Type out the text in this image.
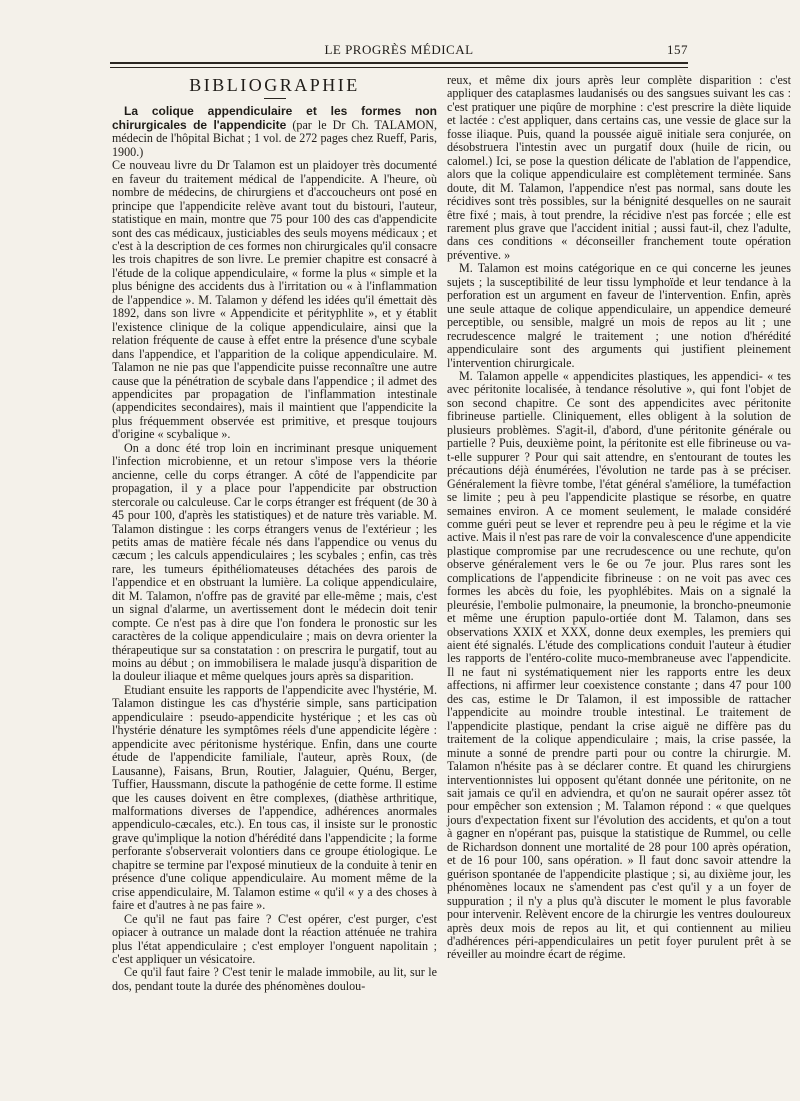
LE PROGRÈS MÉDICAL	157
BIBLIOGRAPHIE

La colique appendiculaire et les formes non chirurgicales de l'appendicite (par le Dr Ch. TALAMON, médecin de l'hôpital Bichat ; 1 vol. de 272 pages chez Rueff, Paris, 1900.)

Ce nouveau livre du Dr Talamon est un plaidoyer très documenté en faveur du traitement médical de l'appendicite. A l'heure, où nombre de médecins, de chirurgiens et d'accoucheurs ont posé en principe que l'appendicite relève avant tout du bistouri, l'auteur, statistique en main, montre que 75 pour 100 des cas d'appendicite sont des cas médicaux, justiciables des seuls moyens médicaux ; et c'est à la description de ces formes non chirurgicales qu'il consacre les trois chapitres de son livre. Le premier chapitre est consacré à l'étude de la colique appendiculaire, « forme la plus « simple et la plus bénigne des accidents dus à l'irritation ou « à l'inflammation de l'appendice ». M. Talamon y défend les idées qu'il émettait dès 1892, dans son livre « Appendicite et pérityphlite », et y établit l'existence clinique de la colique appendiculaire, ainsi que la relation fréquente de cause à effet entre la présence d'une scybale dans l'appendice, et l'apparition de la colique appendiculaire. M. Talamon ne nie pas que l'appendicite puisse reconnaître une autre cause que la pénétration de scybale dans l'appendice ; il admet des appendicites par propagation de l'inflammation intestinale (appendicites secondaires), mais il maintient que l'appendicite la plus fréquemment observée est primitive, et presque toujours d'origine « scybalique ».

On a donc été trop loin en incriminant presque uniquement l'infection microbienne, et un retour s'impose vers la théorie ancienne, celle du corps étranger. A côté de l'appendicite par propagation, il y a place pour l'appendicite par obstruction stercorale ou calculeuse. Car le corps étranger est fréquent (de 30 à 45 pour 100, d'après les statistiques) et de nature très variable. M. Talamon distingue : les corps étrangers venus de l'extérieur ; les petits amas de matière fécale nés dans l'appendice ou venus du cæcum ; les calculs appendiculaires ; les scybales ; enfin, cas très rare, les tumeurs épithéliomateuses détachées des parois de l'appendice et en obstruant la lumière. La colique appendiculaire, dit M. Talamon, n'offre pas de gravité par elle-même ; mais, c'est un signal d'alarme, un avertissement dont le médecin doit tenir compte. Ce n'est pas à dire que l'on fondera le pronostic sur les caractères de la colique appendiculaire ; mais on devra orienter la thérapeutique sur sa constatation : on prescrira le purgatif, tout au moins au début ; on immobilisera le malade jusqu'à disparition de la douleur iliaque et même quelques jours après sa disparition.

Etudiant ensuite les rapports de l'appendicite avec l'hystérie, M. Talamon distingue les cas d'hystérie simple, sans participation appendiculaire : pseudo-appendicite hystérique ; et les cas où l'hystérie dénature les symptômes réels d'une appendicite légère : appendicite avec péritonisme hystérique. Enfin, dans une courte étude de l'appendicite familiale, l'auteur, après Roux, (de Lausanne), Faisans, Brun, Routier, Jalaguier, Quénu, Berger, Tuffier, Haussmann, discute la pathogénie de cette forme. Il estime que les causes doivent en être complexes, (diathèse arthritique, malformations diverses de l'appendice, adhérences anormales appendiculo-cæcales, etc.). En tous cas, il insiste sur le pronostic grave qu'implique la notion d'hérédité dans l'appendicite ; la forme perforante s'observerait volontiers dans ce groupe étiologique. Le chapitre se termine par l'exposé minutieux de la conduite à tenir en présence d'une colique appendiculaire. Au moment même de la crise appendiculaire, M. Talamon estime « qu'il « y a des choses à faire et d'autres à ne pas faire ».

Ce qu'il ne faut pas faire ? C'est opérer, c'est purger, c'est opiacer à outrance un malade dont la réaction atténuée ne trahira plus l'état appendiculaire ; c'est employer l'onguent napolitain ; c'est appliquer un vésicatoire.

Ce qu'il faut faire ? C'est tenir le malade immobile, au lit, sur le dos, pendant toute la durée des phénomènes doulou-

reux, et même dix jours après leur complète disparition : c'est appliquer des cataplasmes laudanisés ou des sangsues suivant les cas : c'est pratiquer une piqûre de morphine : c'est prescrire la diète liquide et lactée : c'est appliquer, dans certains cas, une vessie de glace sur la fosse iliaque. Puis, quand la poussée aiguë initiale sera conjurée, on désobstruera l'intestin avec un purgatif doux (huile de ricin, ou calomel.) Ici, se pose la question délicate de l'ablation de l'appendice, alors que la colique appendiculaire est complètement terminée. Sans doute, dit M. Talamon, l'appendice n'est pas normal, sans doute les récidives sont très possibles, sur la bénignité desquelles on ne saurait être fixé ; mais, à tout prendre, la récidive n'est pas forcée ; elle est rarement plus grave que l'accident initial ; aussi faut-il, chez l'adulte, dans ces conditions « déconseiller franchement toute opération préventive. »

M. Talamon est moins catégorique en ce qui concerne les jeunes sujets ; la susceptibilité de leur tissu lymphoïde et leur tendance à la perforation est un argument en faveur de l'intervention. Enfin, après une seule attaque de colique appendiculaire, un appendice demeuré perceptible, ou sensible, malgré un mois de repos au lit ; une recrudescence malgré le traitement ; une notion d'hérédité appendiculaire sont des arguments qui justifient pleinement l'intervention chirurgicale.

M. Talamon appelle « appendicites plastiques, les appendici- « tes avec péritonite localisée, à tendance résolutive », qui font l'objet de son second chapitre. Ce sont des appendicites avec péritonite fibrineuse partielle. Cliniquement, elles obligent à la solution de plusieurs problèmes. S'agit-il, d'abord, d'une péritonite générale ou partielle ? Puis, deuxième point, la péritonite est elle fibrineuse ou va-t-elle suppurer ? Pour qui sait attendre, en s'entourant de toutes les précautions déjà énumérées, l'évolution ne tarde pas à se préciser. Généralement la fièvre tombe, l'état général s'améliore, la tuméfaction se limite ; peu à peu l'appendicite plastique se résorbe, en quatre semaines environ. A ce moment seulement, le malade considéré comme guéri peut se lever et reprendre peu à peu le régime et la vie active. Mais il n'est pas rare de voir la convalescence d'une appendicite plastique compromise par une recrudescence ou une rechute, qu'on observe généralement vers le 6e ou 7e jour. Plus rares sont les complications de l'appendicite fibrineuse : on ne voit pas avec ces formes les abcès du foie, les pyophlébites. Mais on a signalé la pleurésie, l'embolie pulmonaire, la pneumonie, la broncho-pneumonie et même une éruption papulo-ortiée dont M. Talamon, dans ses observations XXIX et XXX, donne deux exemples, les premiers qui aient été signalés. L'étude des complications conduit l'auteur à étudier les rapports de l'entéro-colite muco-membraneuse avec l'appendicite. Il ne faut ni systématiquement nier les rapports entre les deux affections, ni affirmer leur coexistence constante ; dans 47 pour 100 des cas, estime le Dr Talamon, il est impossible de rattacher l'appendicite au moindre trouble intestinal. Le traitement de l'appendicite plastique, pendant la crise aiguë ne diffère pas du traitement de la colique appendiculaire ; mais, la crise passée, la minute a sonné de prendre parti pour ou contre la chirurgie. M. Talamon n'hésite pas à se déclarer contre. Et quand les chirurgiens interventionnistes lui opposent qu'étant donnée une péritonite, on ne sait jamais ce qu'il en adviendra, et qu'on ne saurait opérer assez tôt pour empêcher son extension ; M. Talamon répond : « que quelques jours d'expectation fixent sur l'évolution des accidents, et qu'on a tout à gagner en n'opérant pas, puisque la statistique de Rummel, ou celle de Richardson donnent une mortalité de 28 pour 100 après opération, et de 16 pour 100, sans opération. » Il faut donc savoir attendre la guérison spontanée de l'appendicite plastique ; si, au dixième jour, les phénomènes locaux ne s'amendent pas c'est qu'il y a un foyer de suppuration ; il n'y a plus qu'à discuter le moment le plus favorable pour intervenir. Relèvent encore de la chirurgie les ventres douloureux après deux mois de repos au lit, et qui contiennent au milieu d'adhérences péri-appendiculaires un petit foyer purulent prêt à se réveiller au moindre écart de régime.
